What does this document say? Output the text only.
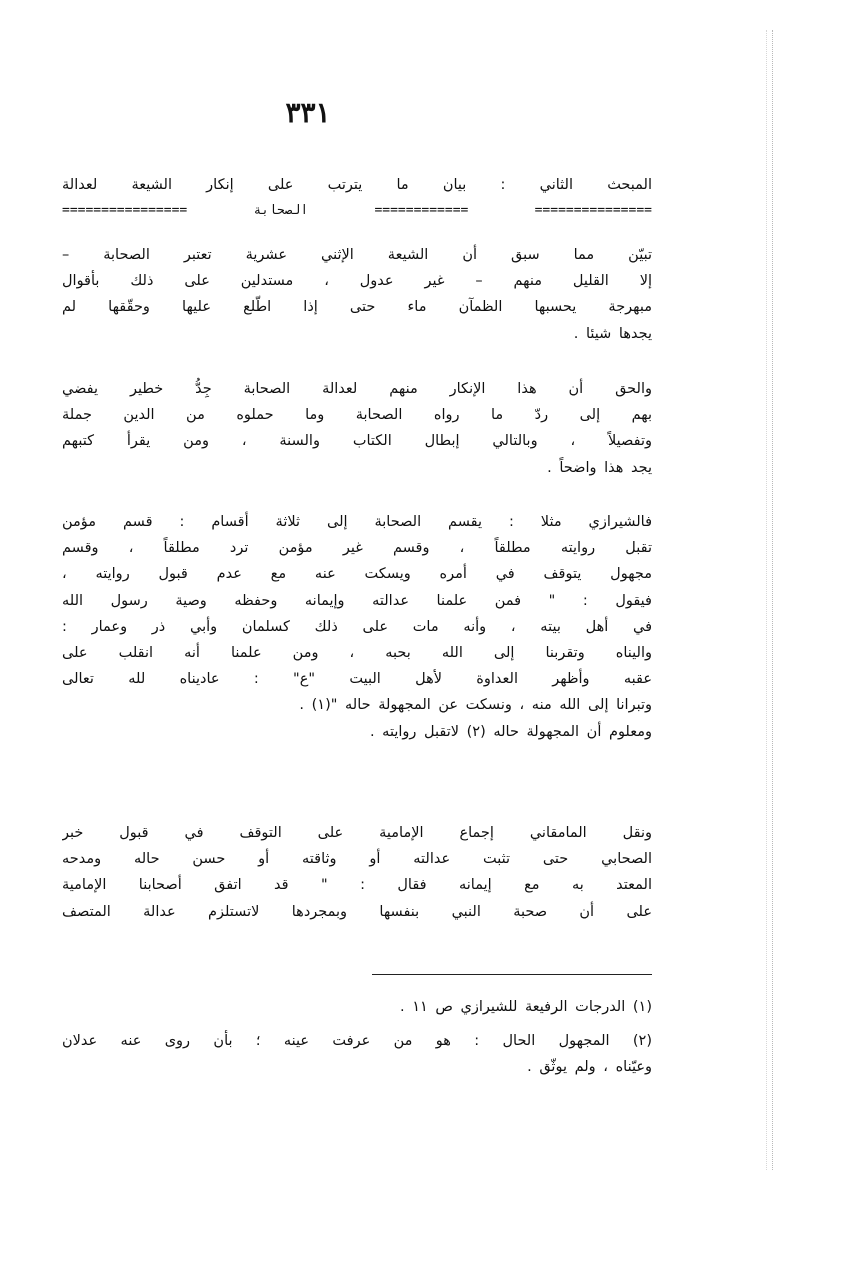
٣٣١
المبحث الثاني : بيان ما يترتب على إنكار الشيعة لعدالة
=============== ============ الصحابة ================
تبيّن مما سبق أن الشيعة الإثني عشرية تعتبر الصحابة –
إلا القليل منهم – غير عدول ، مستدلين على ذلك بأقوال
مبهرجة يحسبها الظمآن ماء حتى إذا اطّلع عليها وحقّقها لم
يجدها شيئا .
والحق أن هذا الإنكار منهم لعدالة الصحابة جِدُّ خطير يفضي
بهم إلى ردّ ما رواه الصحابة وما حملوه من الدين جملة
وتفصيلاً ، وبالتالي إبطال الكتاب والسنة ، ومن يقرأ كتبهم
يجد هذا واضحاً .
فالشيرازي مثلا : يقسم الصحابة إلى ثلاثة أقسام : قسم مؤمن
تقبل روايته مطلقاً ، وقسم غير مؤمن ترد مطلقاً ، وقسم
مجهول يتوقف في أمره ويسكت عنه مع عدم قبول روايته ،
فيقول : " فمن علمنا عدالته وإيمانه وحفظه وصية رسول الله
في أهل بيته ، وأنه مات على ذلك كسلمان وأبي ذر وعمار :
والیناه وتقربنا إلى الله بحبه ، ومن علمنا أنه انقلب على
عقبه وأظهر العداوة لأهل البيت "ع" : عاديناه لله تعالى
وتبرانا إلى الله منه ، ونسكت عن المجهولة حاله "(١) .
ومعلوم أن المجهولة حاله (٢) لاتقبل روايته .
ونقل المامقاني إجماع الإمامية على التوقف في قبول خبر
الصحابي حتى تثبت عدالته أو وثاقته أو حسن حاله ومدحه
المعتد به مع إيمانه فقال : " قد اتفق أصحابنا الإمامية
على أن صحبة النبي بنفسها وبمجردها لاتستلزم عدالة المتصف
(١) الدرجات الرفيعة للشيرازي ص ١١ .
(٢) المجهول الحال : هو من عرفت عينه ؛ بأن روى عنه عدلان
وعيّناه ، ولم يوثّق .
